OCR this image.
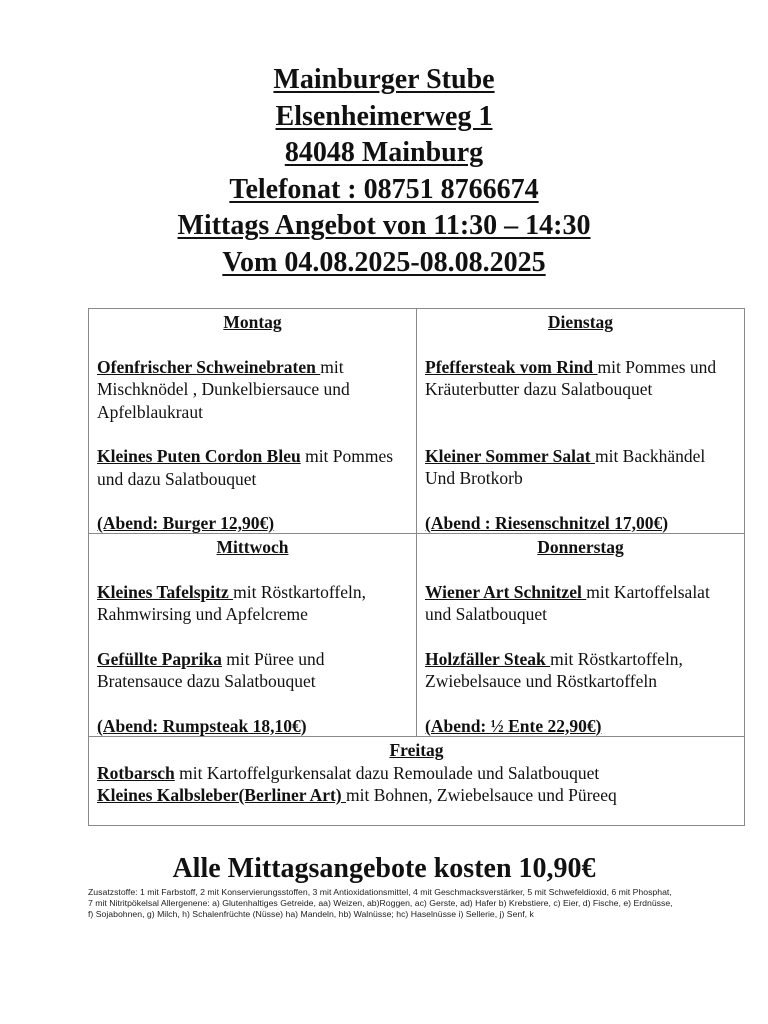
Mainburger Stube
Elsenheimerweg 1
84048 Mainburg
Telefonat : 08751 8766674
Mittags Angebot von 11:30 – 14:30
Vom 04.08.2025-08.08.2025
Montag
Ofenfrischer Schweinebraten mit Mischknödel , Dunkelbiersauce und Apfelblaukraut
Kleines Puten Cordon Bleu mit Pommes und dazu Salatbouquet
(Abend: Burger 12,90€)
Dienstag
Pfeffersteak vom Rind mit Pommes und Kräuterbutter dazu Salatbouquet
Kleiner Sommer Salat mit Backhändel Und Brotkorb
(Abend : Riesenschnitzel 17,00€)
Mittwoch
Kleines Tafelspitz mit Röstkartoffeln, Rahmwirsing und Apfelcreme
Gefüllte Paprika mit Püree und Bratensauce dazu Salatbouquet
(Abend: Rumpsteak 18,10€)
Donnerstag
Wiener Art Schnitzel mit Kartoffelsalat und Salatbouquet
Holzfäller Steak mit Röstkartoffeln, Zwiebelsauce und Röstkartoffeln
(Abend: ½ Ente 22,90€)
Freitag
Rotbarsch mit Kartoffelgurkensalat dazu Remoulade und Salatbouquet
Kleines Kalbsleber(Berliner Art) mit Bohnen, Zwiebelsauce und Püreeq
Alle Mittagsangebote kosten 10,90€
Zusatzstoffe: 1 mit Farbstoff, 2 mit Konservierungsstoffen, 3 mit Antioxidationsmittel, 4 mit Geschmacksverstärker, 5 mit Schwefeldioxid, 6 mit Phosphat, 7 mit Nitritpökelsal Allergenene: a) Glutenhaltiges Getreide, aa) Weizen, ab)Roggen, ac) Gerste, ad) Hafer b) Krebstiere, c) Eier, d) Fische, e) Erdnüsse, f) Sojabohnen, g) Milch, h) Schalenfrüchte (Nüsse) ha) Mandeln, hb) Walnüsse; hc) Haselnüsse i) Sellerie, j) Senf, k
